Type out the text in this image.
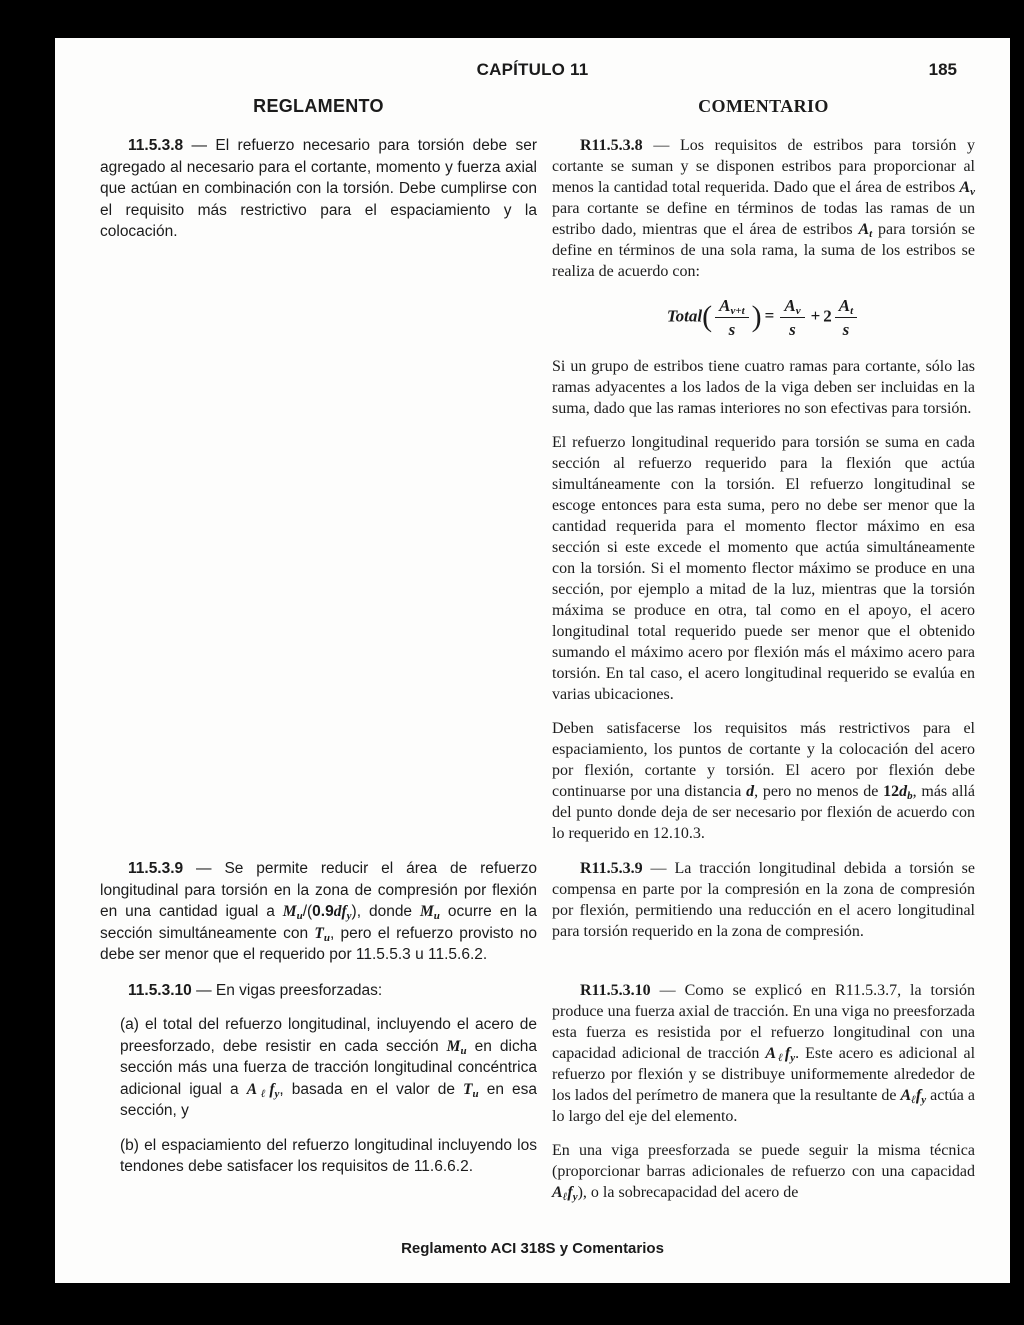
CAPÍTULO 11	185
REGLAMENTO	COMENTARIO

11.5.3.8 — El refuerzo necesario para torsión debe ser agregado al necesario para el cortante, momento y fuerza axial que actúan en combinación con la torsión. Debe cumplirse con el requisito más restrictivo para el espaciamiento y la colocación.

R11.5.3.8 — Los requisitos de estribos para torsión y cortante se suman y se disponen estribos para proporcionar al menos la cantidad total requerida. Dado que el área de estribos $A_v$ para cortante se define en términos de todas las ramas de un estribo dado, mientras que el área de estribos $A_t$ para torsión se define en términos de una sola rama, la suma de los estribos se realiza de acuerdo con:

Total( $\frac{A_{v+t}}{s}$ ) = $\frac{A_v}{s} + 2 \frac{A_t}{s}$

Si un grupo de estribos tiene cuatro ramas para cortante, sólo las ramas adyacentes a los lados de la viga deben ser incluidas en la suma, dado que las ramas interiores no son efectivas para torsión.

El refuerzo longitudinal requerido para torsión se suma en cada sección al refuerzo requerido para la flexión que actúa simultáneamente con la torsión. El refuerzo longitudinal se escoge entonces para esta suma, pero no debe ser menor que la cantidad requerida para el momento flector máximo en esa sección si este excede el momento que actúa simultáneamente con la torsión. Si el momento flector máximo se produce en una sección, por ejemplo a mitad de la luz, mientras que la torsión máxima se produce en otra, tal como en el apoyo, el acero longitudinal total requerido puede ser menor que el obtenido sumando el máximo acero por flexión más el máximo acero para torsión. En tal caso, el acero longitudinal requerido se evalúa en varias ubicaciones.

Deben satisfacerse los requisitos más restrictivos para el espaciamiento, los puntos de cortante y la colocación del acero por flexión, cortante y torsión. El acero por flexión debe continuarse por una distancia d, pero no menos de $12d_b$, más allá del punto donde deja de ser necesario por flexión de acuerdo con lo requerido en 12.10.3.

11.5.3.9 — Se permite reducir el área de refuerzo longitudinal para torsión en la zona de compresión por flexión en una cantidad igual a $M_u/(0.9df_y)$, donde $M_u$ ocurre en la sección simultáneamente con $T_u$, pero el refuerzo provisto no debe ser menor que el requerido por 11.5.5.3 u 11.5.6.2.

R11.5.3.9 — La tracción longitudinal debida a torsión se compensa en parte por la compresión en la zona de compresión por flexión, permitiendo una reducción en el acero longitudinal para torsión requerido en la zona de compresión.

11.5.3.10 — En vigas preesforzadas:

(a) el total del refuerzo longitudinal, incluyendo el acero de preesforzado, debe resistir en cada sección $M_u$ en dicha sección más una fuerza de tracción longitudinal concéntrica adicional igual a $A_\ell f_y$, basada en el valor de $T_u$ en esa sección, y

(b) el espaciamiento del refuerzo longitudinal incluyendo los tendones debe satisfacer los requisitos de 11.6.6.2.

R11.5.3.10 — Como se explicó en R11.5.3.7, la torsión produce una fuerza axial de tracción. En una viga no preesforzada esta fuerza es resistida por el refuerzo longitudinal con una capacidad adicional de tracción $A_\ell f_y$. Este acero es adicional al refuerzo por flexión y se distribuye uniformemente alrededor de los lados del perímetro de manera que la resultante de $A_\ell f_y$ actúa a lo largo del eje del elemento.

En una viga preesforzada se puede seguir la misma técnica (proporcionar barras adicionales de refuerzo con una capacidad $A_\ell f_y$), o la sobrecapacidad del acero de

Reglamento ACI 318S y Comentarios
